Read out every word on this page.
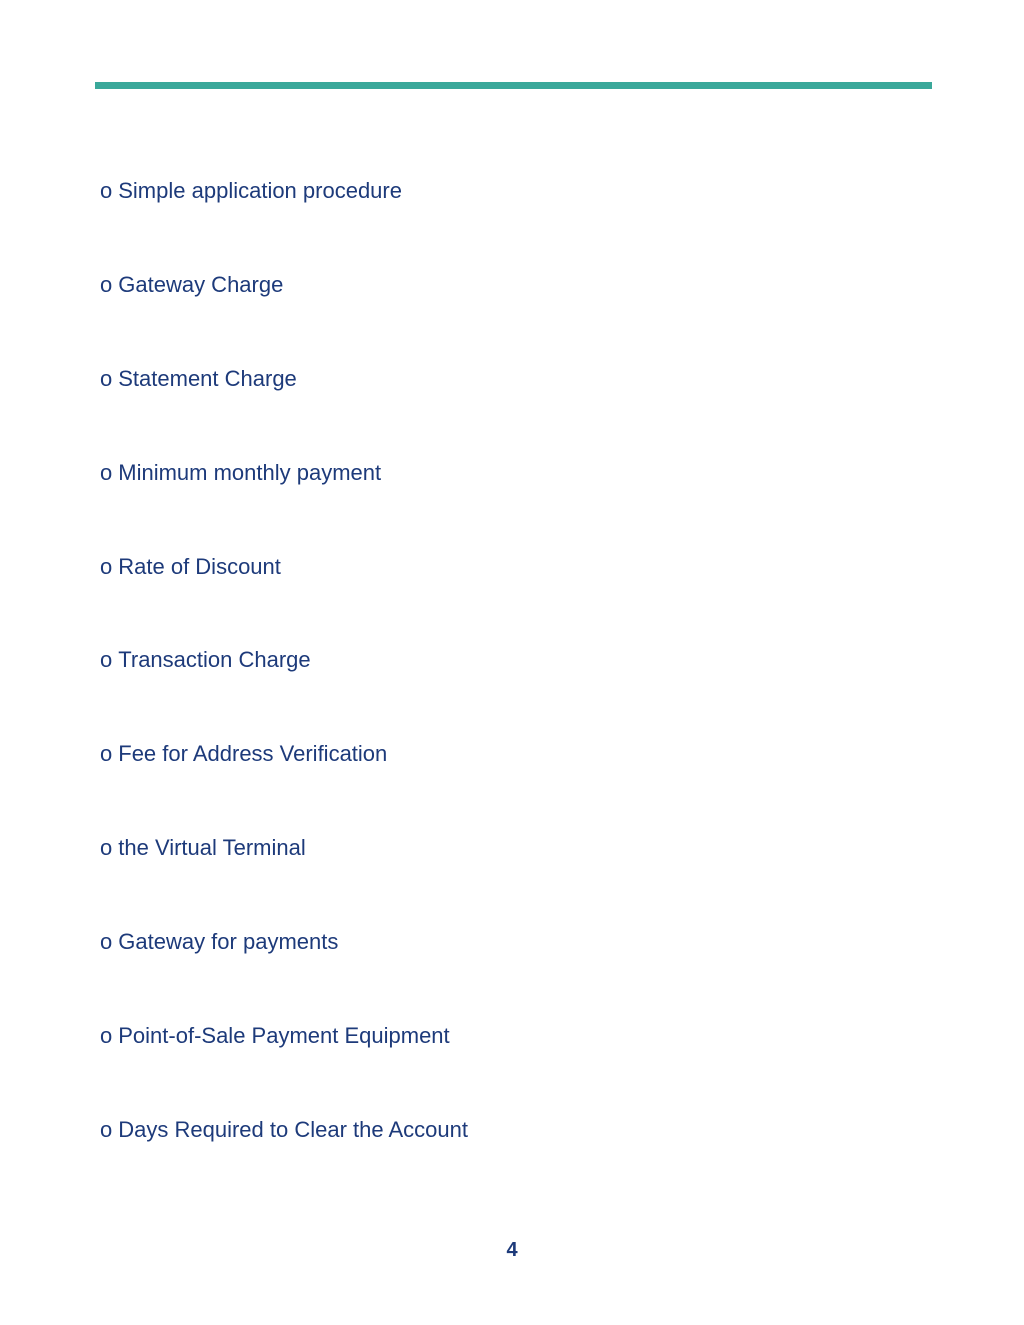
o Simple application procedure
o Gateway Charge
o Statement Charge
o Minimum monthly payment
o Rate of Discount
o Transaction Charge
o Fee for Address Verification
o the Virtual Terminal
o Gateway for payments
o Point-of-Sale Payment Equipment
o Days Required to Clear the Account
4
